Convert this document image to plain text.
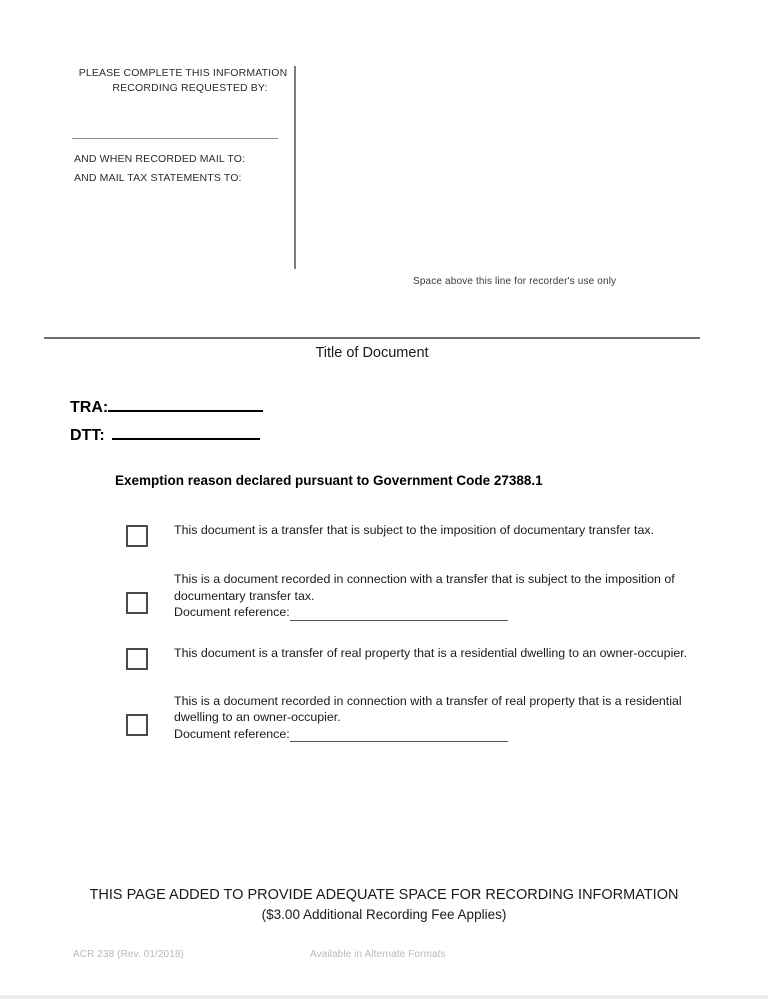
PLEASE COMPLETE THIS INFORMATION
RECORDING REQUESTED BY:
AND WHEN RECORDED MAIL TO:
AND MAIL TAX STATEMENTS TO:
Space above this line for recorder's use only
Title of Document
TRA:
DTT:
Exemption reason declared pursuant to Government Code 27388.1

This document is a transfer that is subject to the imposition of documentary transfer tax.

This is a document recorded in connection with a transfer that is subject to the imposition of documentary transfer tax.

Document reference:

This document is a transfer of real property that is a residential dwelling to an owner-occupier.

This is a document recorded in connection with a transfer of real property that is a residential dwelling to an owner-occupier.

Document reference:
THIS PAGE ADDED TO PROVIDE ADEQUATE SPACE FOR RECORDING INFORMATION
($3.00 Additional Recording Fee Applies)
ACR 238 (Rev. 01/2018)	Available in Alternate Formats
